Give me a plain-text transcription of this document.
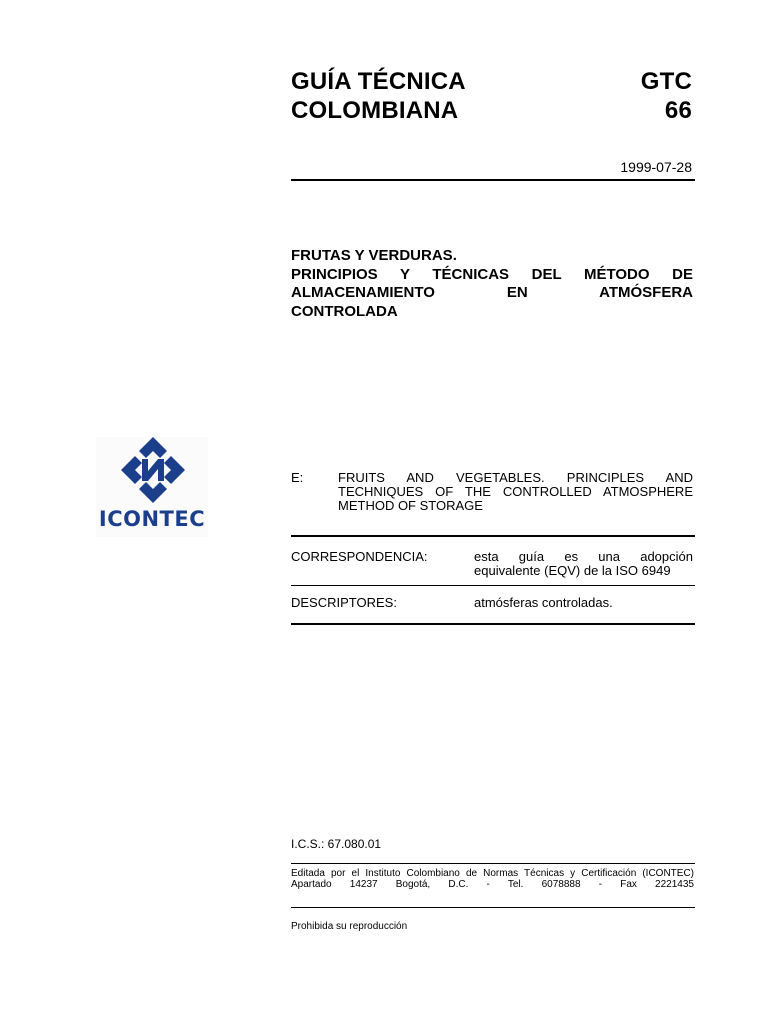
GUÍA TÉCNICA
COLOMBIANA
GTC
66
1999-07-28
FRUTAS Y VERDURAS.
PRINCIPIOS Y TÉCNICAS DEL MÉTODO DE
ALMACENAMIENTO EN ATMÓSFERA
CONTROLADA
ICONTEC
E:	FRUITS AND VEGETABLES. PRINCIPLES AND
TECHNIQUES OF THE CONTROLLED ATMOSPHERE
METHOD OF STORAGE
CORRESPONDENCIA:	esta guía es una adopción
equivalente (EQV) de la ISO 6949
DESCRIPTORES:	atmósferas controladas.
I.C.S.: 67.080.01
Editada por el Instituto Colombiano de Normas Técnicas y Certificación (ICONTEC)
Apartado 14237 Bogotá, D.C. - Tel. 6078888 - Fax 2221435
Prohibida su reproducción
